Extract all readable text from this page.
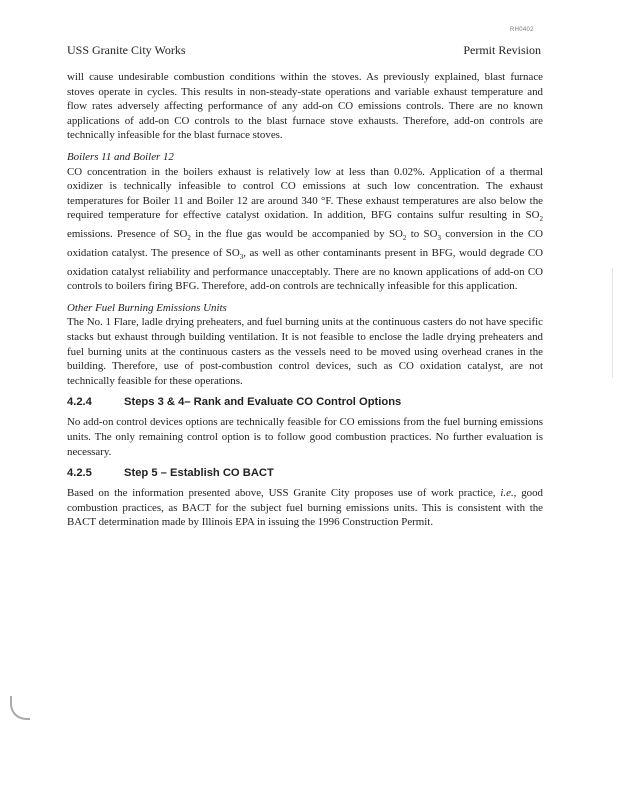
RH0402
USS Granite City Works	Permit Revision

will cause undesirable combustion conditions within the stoves. As previously explained, blast furnace stoves operate in cycles. This results in non-steady-state operations and variable exhaust temperature and flow rates adversely affecting performance of any add-on CO emissions controls. There are no known applications of add-on CO controls to the blast furnace stove exhausts. Therefore, add-on controls are technically infeasible for the blast furnace stoves.

Boilers 11 and Boiler 12

CO concentration in the boilers exhaust is relatively low at less than 0.02%. Application of a thermal oxidizer is technically infeasible to control CO emissions at such low concentration. The exhaust temperatures for Boiler 11 and Boiler 12 are around 340 °F. These exhaust temperatures are also below the required temperature for effective catalyst oxidation. In addition, BFG contains sulfur resulting in $SO_2$ emissions. Presence of $SO_2$ in the flue gas would be accompanied by $SO_2$ to $SO_3$ conversion in the CO oxidation catalyst. The presence of $SO_3$, as well as other contaminants present in BFG, would degrade CO oxidation catalyst reliability and performance unacceptably. There are no known applications of add-on CO controls to boilers firing BFG. Therefore, add-on controls are technically infeasible for this application.

Other Fuel Burning Emissions Units

The No. 1 Flare, ladle drying preheaters, and fuel burning units at the continuous casters do not have specific stacks but exhaust through building ventilation. It is not feasible to enclose the ladle drying preheaters and fuel burning units at the continuous casters as the vessels need to be moved using overhead cranes in the building. Therefore, use of post-combustion control devices, such as CO oxidation catalyst, are not technically feasible for these operations.

4.2.4	Steps 3 & 4– Rank and Evaluate CO Control Options

No add-on control devices options are technically feasible for CO emissions from the fuel burning emissions units. The only remaining control option is to follow good combustion practices. No further evaluation is necessary.

4.2.5	Step 5 – Establish CO BACT

Based on the information presented above, USS Granite City proposes use of work practice, i.e., good combustion practices, as BACT for the subject fuel burning emissions units. This is consistent with the BACT determination made by Illinois EPA in issuing the 1996 Construction Permit.
